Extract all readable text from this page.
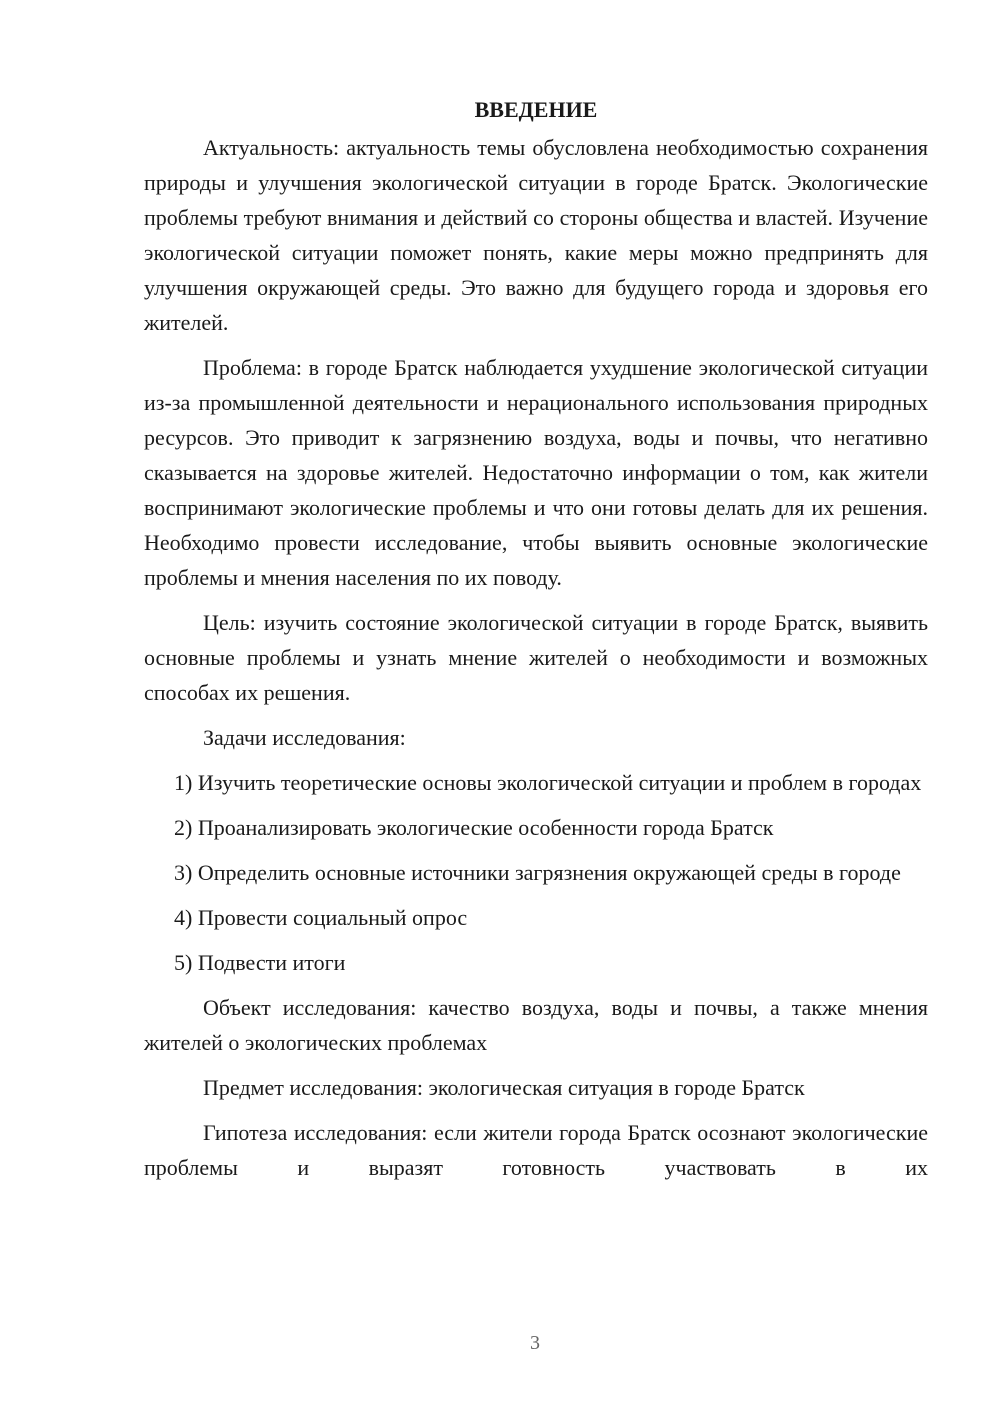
ВВЕДЕНИЕ

Актуальность: актуальность темы обусловлена необходимостью сохранения природы и улучшения экологической ситуации в городе Братск. Экологические проблемы требуют внимания и действий со стороны общества и властей. Изучение экологической ситуации поможет понять, какие меры можно предпринять для улучшения окружающей среды. Это важно для будущего города и здоровья его жителей.

Проблема: в городе Братск наблюдается ухудшение экологической ситуации из-за промышленной деятельности и нерационального использования природных ресурсов. Это приводит к загрязнению воздуха, воды и почвы, что негативно сказывается на здоровье жителей. Недостаточно информации о том, как жители воспринимают экологические проблемы и что они готовы делать для их решения. Необходимо провести исследование, чтобы выявить основные экологические проблемы и мнения населения по их поводу.

Цель: изучить состояние экологической ситуации в городе Братск, выявить основные проблемы и узнать мнение жителей о необходимости и возможных способах их решения.

Задачи исследования:

1) Изучить теоретические основы экологической ситуации и проблем в городах

2) Проанализировать экологические особенности города Братск

3) Определить основные источники загрязнения окружающей среды в городе

4) Провести социальный опрос

5) Подвести итоги

Объект исследования: качество воздуха, воды и почвы, а также мнения жителей о экологических проблемах

Предмет исследования: экологическая ситуация в городе Братск

Гипотеза исследования: если жители города Братск осознают экологические проблемы и выразят готовность участвовать в их

3
